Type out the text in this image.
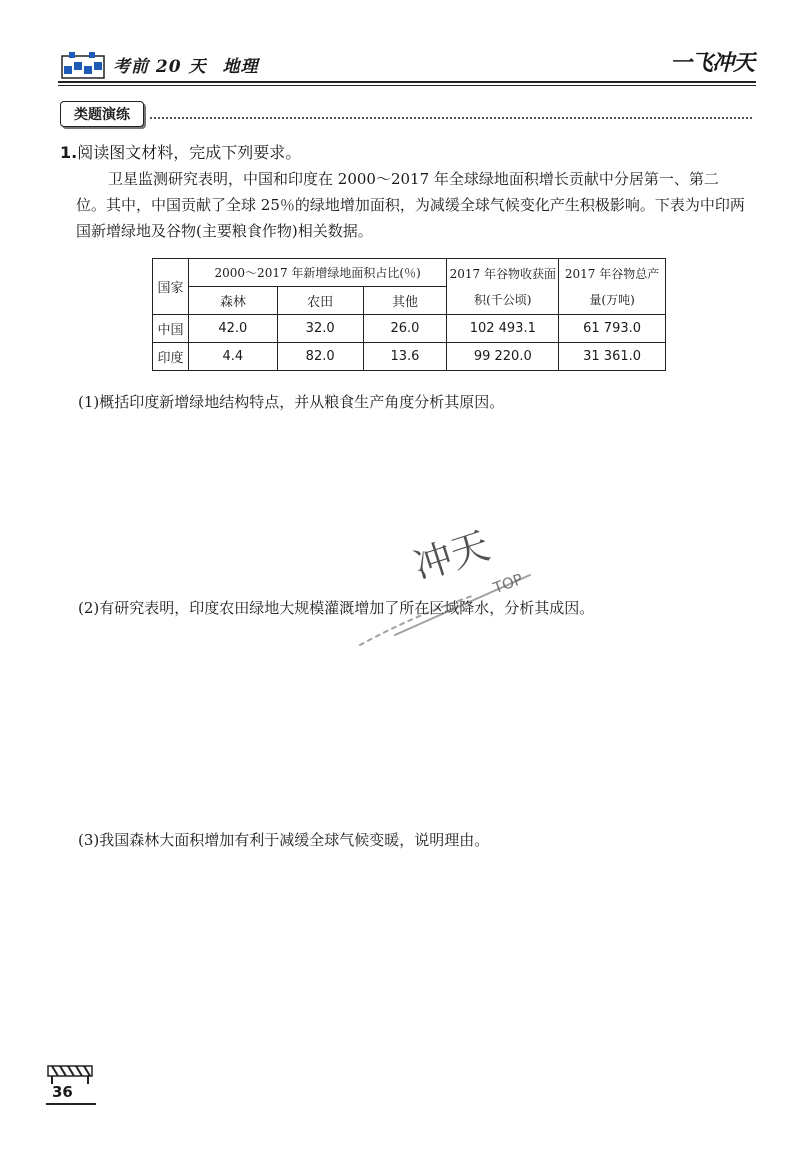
考前 20 天 地理	一飞冲天
类题演练
1.阅读图文材料，完成下列要求。
卫星监测研究表明，中国和印度在 2000～2017 年全球绿地面积增长贡献中分居第一、第二位。其中，中国贡献了全球 25％的绿地增加面积，为减缓全球气候变化产生积极影响。下表为中印两国新增绿地及谷物(主要粮食作物)相关数据。
国家	2000～2017 年新增绿地面积占比(％)			2017 年谷物收获面积(千公顷)	2017 年谷物总产量(万吨)
	森林	农田	其他		
中国	42.0	32.0	26.0	102 493.1	61 793.0
印度	4.4	82.0	13.6	99 220.0	31 361.0
(1)概括印度新增绿地结构特点，并从粮食生产角度分析其原因。
(2)有研究表明，印度农田绿地大规模灌溉增加了所在区域降水，分析其成因。
(3)我国森林大面积增加有利于减缓全球气候变暖，说明理由。
冲天
TOP
36
